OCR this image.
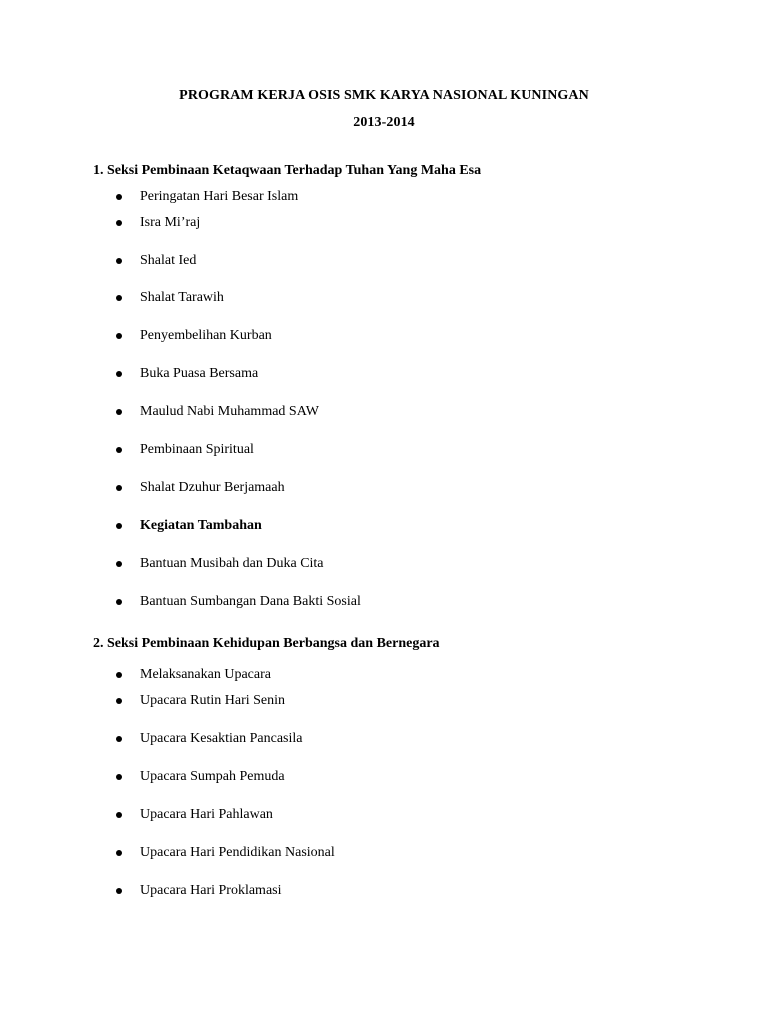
PROGRAM KERJA OSIS SMK KARYA NASIONAL KUNINGAN
2013-2014
1. Seksi Pembinaan Ketaqwaan Terhadap Tuhan Yang Maha Esa
Peringatan Hari Besar Islam
Isra Mi’raj
Shalat Ied
Shalat Tarawih
Penyembelihan Kurban
Buka Puasa Bersama
Maulud Nabi Muhammad SAW
Pembinaan Spiritual
Shalat Dzuhur Berjamaah
Kegiatan Tambahan
Bantuan Musibah dan Duka Cita
Bantuan Sumbangan Dana Bakti Sosial
2. Seksi Pembinaan Kehidupan Berbangsa dan Bernegara
Melaksanakan Upacara
Upacara Rutin Hari Senin
Upacara Kesaktian Pancasila
Upacara Sumpah Pemuda
Upacara Hari Pahlawan
Upacara Hari Pendidikan Nasional
Upacara Hari Proklamasi
